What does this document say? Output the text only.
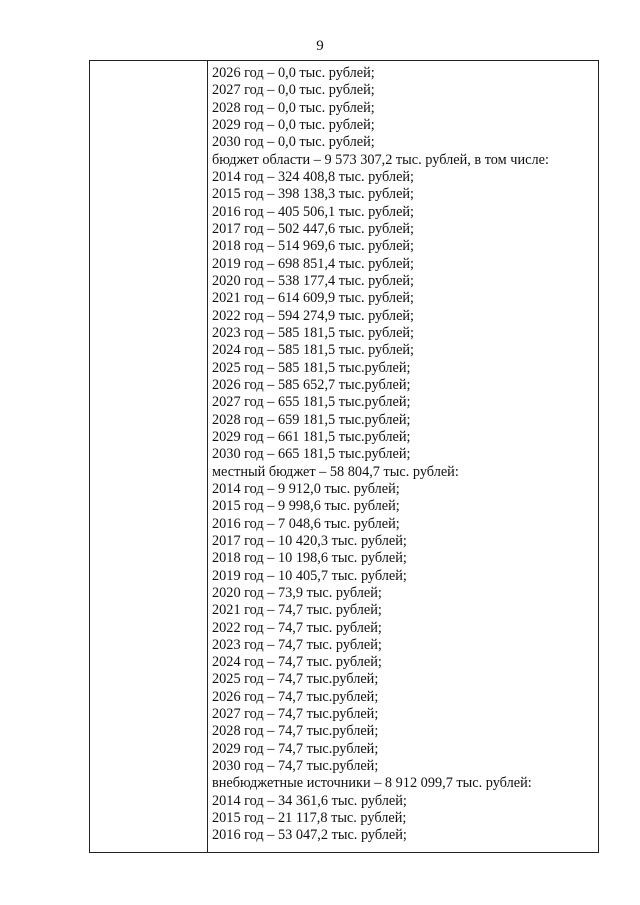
9
2026 год – 0,0 тыс. рублей;
2027 год – 0,0 тыс. рублей;
2028 год – 0,0 тыс. рублей;
2029 год – 0,0 тыс. рублей;
2030 год – 0,0 тыс. рублей;
бюджет области – 9 573 307,2 тыс. рублей, в том числе:
2014 год – 324 408,8 тыс. рублей;
2015 год – 398 138,3 тыс. рублей;
2016 год – 405 506,1 тыс. рублей;
2017 год – 502 447,6 тыс. рублей;
2018 год – 514 969,6 тыс. рублей;
2019 год – 698 851,4 тыс. рублей;
2020 год – 538 177,4 тыс. рублей;
2021 год – 614 609,9 тыс. рублей;
2022 год – 594 274,9 тыс. рублей;
2023 год – 585 181,5 тыс. рублей;
2024 год – 585 181,5 тыс. рублей;
2025 год – 585 181,5 тыс.рублей;
2026 год – 585 652,7 тыс.рублей;
2027 год – 655 181,5 тыс.рублей;
2028 год – 659 181,5 тыс.рублей;
2029 год – 661 181,5 тыс.рублей;
2030 год – 665 181,5 тыс.рублей;
местный бюджет – 58 804,7 тыс. рублей:
2014 год – 9 912,0 тыс. рублей;
2015 год – 9 998,6 тыс. рублей;
2016 год – 7 048,6 тыс. рублей;
2017 год – 10 420,3 тыс. рублей;
2018 год – 10 198,6 тыс. рублей;
2019 год – 10 405,7 тыс. рублей;
2020 год – 73,9 тыс. рублей;
2021 год – 74,7 тыс. рублей;
2022 год – 74,7 тыс. рублей;
2023 год – 74,7 тыс. рублей;
2024 год – 74,7 тыс. рублей;
2025 год – 74,7 тыс.рублей;
2026 год – 74,7 тыс.рублей;
2027 год – 74,7 тыс.рублей;
2028 год – 74,7 тыс.рублей;
2029 год – 74,7 тыс.рублей;
2030 год – 74,7 тыс.рублей;
внебюджетные источники – 8 912 099,7 тыс. рублей:
2014 год – 34 361,6 тыс. рублей;
2015 год – 21 117,8 тыс. рублей;
2016 год – 53 047,2 тыс. рублей;
